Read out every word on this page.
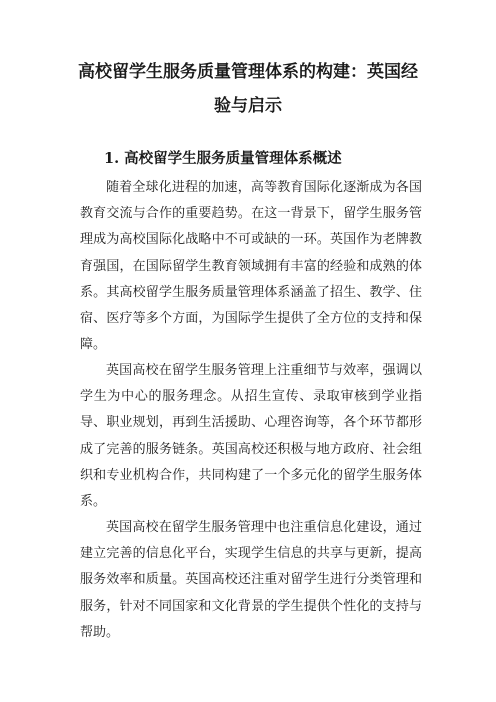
高校留学生服务质量管理体系的构建：英国经
验与启示
1. 高校留学生服务质量管理体系概述

随着全球化进程的加速，高等教育国际化逐渐成为各国教育交流与合作的重要趋势。在这一背景下，留学生服务管理成为高校国际化战略中不可或缺的一环。英国作为老牌教育强国，在国际留学生教育领域拥有丰富的经验和成熟的体系。其高校留学生服务质量管理体系涵盖了招生、教学、住宿、医疗等多个方面，为国际学生提供了全方位的支持和保障。

英国高校在留学生服务管理上注重细节与效率，强调以学生为中心的服务理念。从招生宣传、录取审核到学业指导、职业规划，再到生活援助、心理咨询等，各个环节都形成了完善的服务链条。英国高校还积极与地方政府、社会组织和专业机构合作，共同构建了一个多元化的留学生服务体系。

英国高校在留学生服务管理中也注重信息化建设，通过建立完善的信息化平台，实现学生信息的共享与更新，提高服务效率和质量。英国高校还注重对留学生进行分类管理和服务，针对不同国家和文化背景的学生提供个性化的支持与帮助。
